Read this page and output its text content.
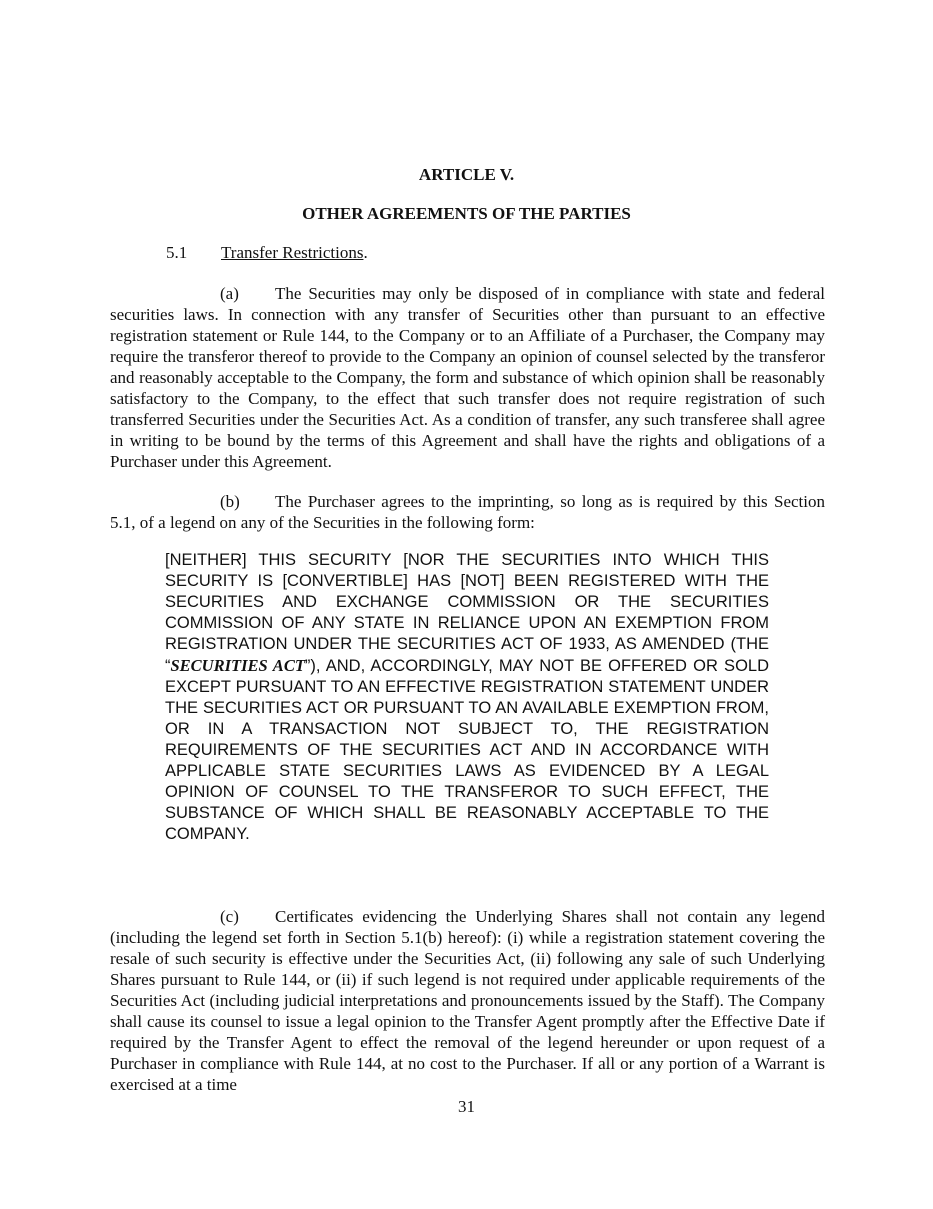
ARTICLE V.

OTHER AGREEMENTS OF THE PARTIES

5.1 Transfer Restrictions.

(a) The Securities may only be disposed of in compliance with state and federal securities laws. In connection with any transfer of Securities other than pursuant to an effective registration statement or Rule 144, to the Company or to an Affiliate of a Purchaser, the Company may require the transferor thereof to provide to the Company an opinion of counsel selected by the transferor and reasonably acceptable to the Company, the form and substance of which opinion shall be reasonably satisfactory to the Company, to the effect that such transfer does not require registration of such transferred Securities under the Securities Act. As a condition of transfer, any such transferee shall agree in writing to be bound by the terms of this Agreement and shall have the rights and obligations of a Purchaser under this Agreement.

(b) The Purchaser agrees to the imprinting, so long as is required by this Section 5.1, of a legend on any of the Securities in the following form:

[NEITHER] THIS SECURITY [NOR THE SECURITIES INTO WHICH THIS SECURITY IS [CONVERTIBLE] HAS [NOT] BEEN REGISTERED WITH THE SECURITIES AND EXCHANGE COMMISSION OR THE SECURITIES COMMISSION OF ANY STATE IN RELIANCE UPON AN EXEMPTION FROM REGISTRATION UNDER THE SECURITIES ACT OF 1933, AS AMENDED (THE “SECURITIES ACT”), AND, ACCORDINGLY, MAY NOT BE OFFERED OR SOLD EXCEPT PURSUANT TO AN EFFECTIVE REGISTRATION STATEMENT UNDER THE SECURITIES ACT OR PURSUANT TO AN AVAILABLE EXEMPTION FROM, OR IN A TRANSACTION NOT SUBJECT TO, THE REGISTRATION REQUIREMENTS OF THE SECURITIES ACT AND IN ACCORDANCE WITH APPLICABLE STATE SECURITIES LAWS AS EVIDENCED BY A LEGAL OPINION OF COUNSEL TO THE TRANSFEROR TO SUCH EFFECT, THE SUBSTANCE OF WHICH SHALL BE REASONABLY ACCEPTABLE TO THE COMPANY.

(c) Certificates evidencing the Underlying Shares shall not contain any legend (including the legend set forth in Section 5.1(b) hereof): (i) while a registration statement covering the resale of such security is effective under the Securities Act, (ii) following any sale of such Underlying Shares pursuant to Rule 144, or (ii) if such legend is not required under applicable requirements of the Securities Act (including judicial interpretations and pronouncements issued by the Staff). The Company shall cause its counsel to issue a legal opinion to the Transfer Agent promptly after the Effective Date if required by the Transfer Agent to effect the removal of the legend hereunder or upon request of a Purchaser in compliance with Rule 144, at no cost to the Purchaser. If all or any portion of a Warrant is exercised at a time

31
